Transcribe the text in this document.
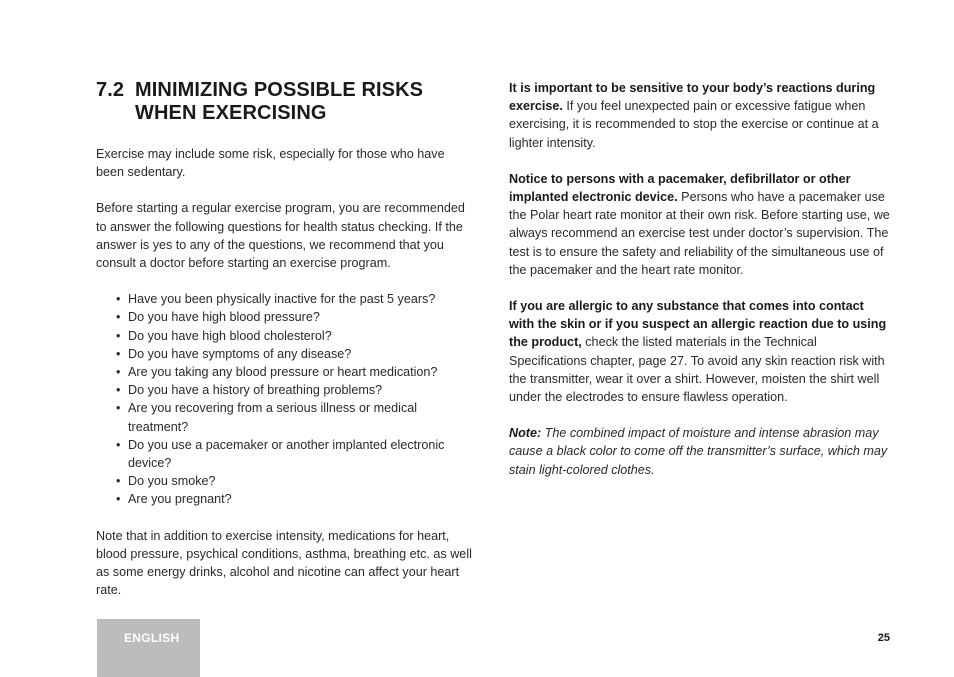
7.2 MINIMIZING POSSIBLE RISKS
WHEN EXERCISING

Exercise may include some risk, especially for those who have been sedentary.

Before starting a regular exercise program, you are recommended to answer the following questions for health status checking. If the answer is yes to any of the questions, we recommend that you consult a doctor before starting an exercise program.

• Have you been physically inactive for the past 5 years?
• Do you have high blood pressure?
• Do you have high blood cholesterol?
• Do you have symptoms of any disease?
• Are you taking any blood pressure or heart medication?
• Do you have a history of breathing problems?
• Are you recovering from a serious illness or medical treatment?
• Do you use a pacemaker or another implanted electronic device?
• Do you smoke?
• Are you pregnant?

Note that in addition to exercise intensity, medications for heart, blood pressure, psychical conditions, asthma, breathing etc. as well as some energy drinks, alcohol and nicotine can affect your heart rate.

It is important to be sensitive to your body’s reactions during exercise. If you feel unexpected pain or excessive fatigue when exercising, it is recommended to stop the exercise or continue at a lighter intensity.

Notice to persons with a pacemaker, defibrillator or other implanted electronic device. Persons who have a pacemaker use the Polar heart rate monitor at their own risk. Before starting use, we always recommend an exercise test under doctor’s supervision. The test is to ensure the safety and reliability of the simultaneous use of the pacemaker and the heart rate monitor.

If you are allergic to any substance that comes into contact with the skin or if you suspect an allergic reaction due to using the product, check the listed materials in the Technical Specifications chapter, page 27. To avoid any skin reaction risk with the transmitter, wear it over a shirt. However, moisten the shirt well under the electrodes to ensure flawless operation.

Note: The combined impact of moisture and intense abrasion may cause a black color to come off the transmitter’s surface, which may stain light-colored clothes.

ENGLISH	25
